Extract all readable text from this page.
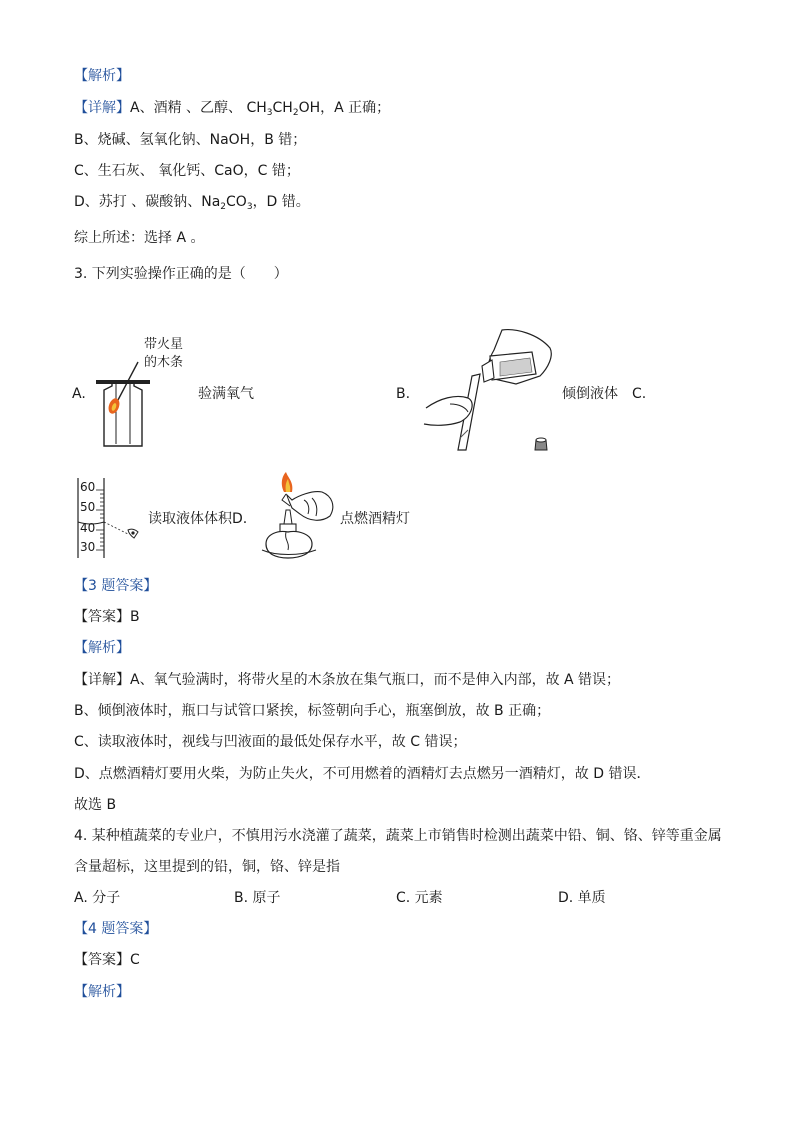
【解析】
【详解】A、酒精 、乙醇、 $CH_3CH_2OH$，A 正确；
B、烧碱、氢氧化钠、NaOH，B 错；
C、生石灰、 氧化钙、CaO，C 错；
D、苏打 、碳酸钠、$Na_2CO_3$，D 错。
综上所述：选择 A 。
3. 下列实验操作正确的是（　　）
A.
带火星
的木条
验满氧气	B.	倾倒液体 C.
60
50
40
30
读取液体体积 D.	点燃酒精灯
【3 题答案】
【答案】B
【解析】
【详解】A、氧气验满时，将带火星的木条放在集气瓶口，而不是伸入内部，故 A 错误；
B、倾倒液体时，瓶口与试管口紧挨，标签朝向手心，瓶塞倒放，故 B 正确；
C、读取液体时，视线与凹液面的最低处保存水平，故 C 错误；
D、点燃酒精灯要用火柴，为防止失火，不可用燃着的酒精灯去点燃另一酒精灯，故 D 错误．
故选 B
4. 某种植蔬菜的专业户，不慎用污水浇灌了蔬菜，蔬菜上市销售时检测出蔬菜中铅、铜、铬、锌等重金属
含量超标，这里提到的铅，铜，铬、锌是指
A. 分子	B. 原子	C. 元素	D. 单质
【4 题答案】
【答案】C
【解析】
